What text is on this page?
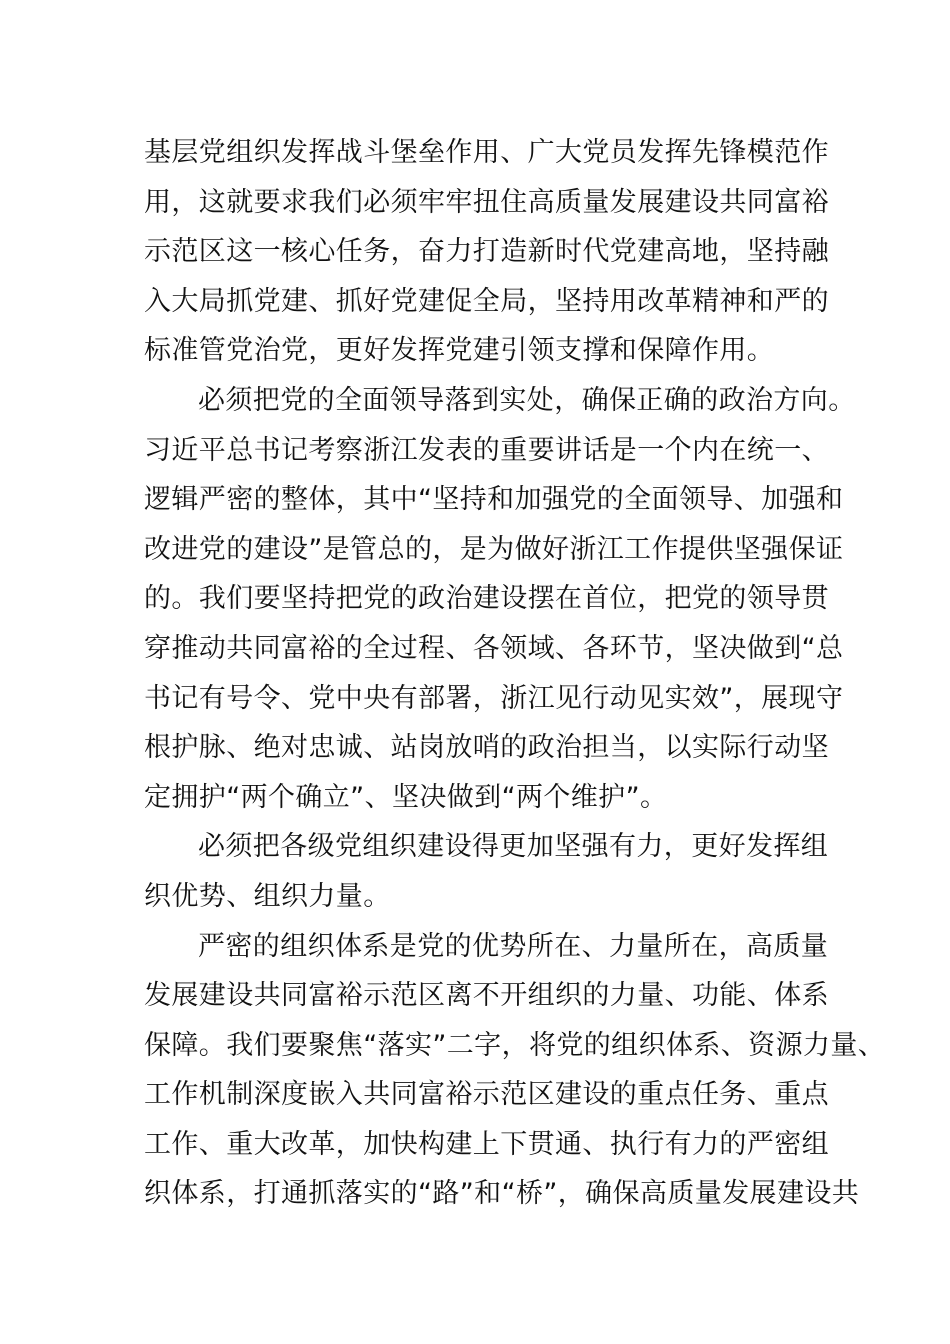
基层党组织发挥战斗堡垒作用、广大党员发挥先锋模范作
用，这就要求我们必须牢牢扭住高质量发展建设共同富裕
示范区这一核心任务，奋力打造新时代党建高地，坚持融
入大局抓党建、抓好党建促全局，坚持用改革精神和严的
标准管党治党，更好发挥党建引领支撑和保障作用。
必须把党的全面领导落到实处，确保正确的政治方向。
习近平总书记考察浙江发表的重要讲话是一个内在统一、
逻辑严密的整体，其中“坚持和加强党的全面领导、加强和
改进党的建设”是管总的，是为做好浙江工作提供坚强保证
的。我们要坚持把党的政治建设摆在首位，把党的领导贯
穿推动共同富裕的全过程、各领域、各环节，坚决做到“总
书记有号令、党中央有部署，浙江见行动见实效”，展现守
根护脉、绝对忠诚、站岗放哨的政治担当，以实际行动坚
定拥护“两个确立”、坚决做到“两个维护”。
必须把各级党组织建设得更加坚强有力，更好发挥组
织优势、组织力量。
严密的组织体系是党的优势所在、力量所在，高质量
发展建设共同富裕示范区离不开组织的力量、功能、体系
保障。我们要聚焦“落实”二字，将党的组织体系、资源力量、
工作机制深度嵌入共同富裕示范区建设的重点任务、重点
工作、重大改革，加快构建上下贯通、执行有力的严密组
织体系，打通抓落实的“路”和“桥”，确保高质量发展建设共
